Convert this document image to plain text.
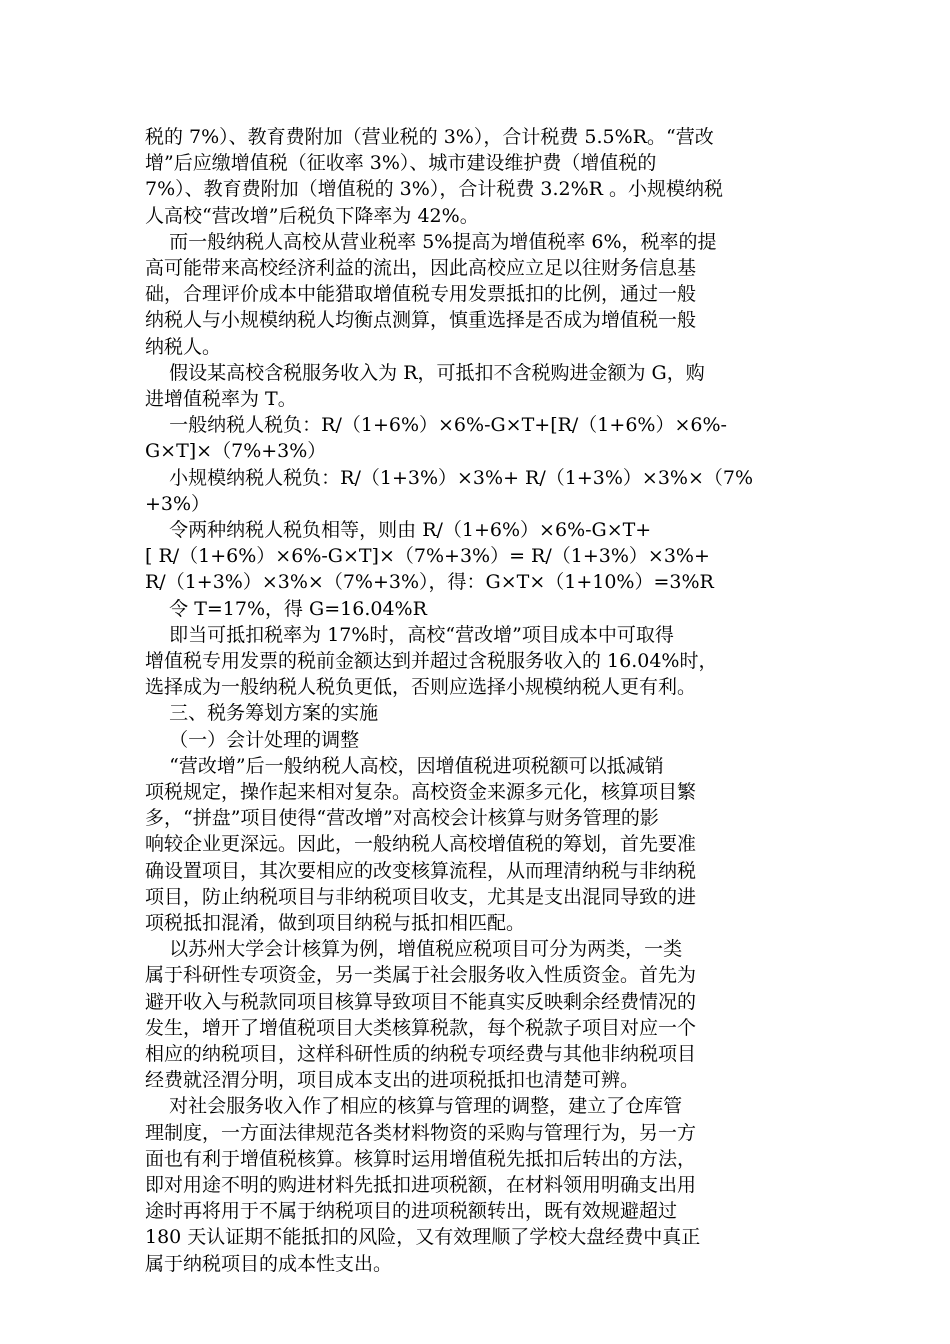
税的 7%）、教育费附加（营业税的 3%），合计税费 5.5%R。“营改

增”后应缴增值税（征收率 3%）、城市建设维护费（增值税的

7%）、教育费附加（增值税的 3%），合计税费 3.2%R 。小规模纳税

人高校“营改增”后税负下降率为 42%。

而一般纳税人高校从营业税率 5%提高为增值税率 6%，税率的提

高可能带来高校经济利益的流出，因此高校应立足以往财务信息基

础，合理评价成本中能猎取增值税专用发票抵扣的比例，通过一般

纳税人与小规模纳税人均衡点测算，慎重选择是否成为增值税一般

纳税人。

假设某高校含税服务收入为 R，可抵扣不含税购进金额为 G，购

进增值税率为 T。

一般纳税人税负：R/（1+6%）×6%-G×T+[R/（1+6%）×6%-

G×T]×（7%+3%）

小规模纳税人税负：R/（1+3%）×3%+ R/（1+3%）×3%×（7%

+3%）

令两种纳税人税负相等，则由 R/（1+6%）×6%-G×T+

[ R/（1+6%）×6%-G×T]×（7%+3%）= R/（1+3%）×3%+

R/（1+3%）×3%×（7%+3%），得：G×T×（1+10%）=3%R

令 T=17%，得 G=16.04%R

即当可抵扣税率为 17%时，高校“营改增”项目成本中可取得

增值税专用发票的税前金额达到并超过含税服务收入的 16.04%时，

选择成为一般纳税人税负更低，否则应选择小规模纳税人更有利。

三、税务筹划方案的实施

（一）会计处理的调整

“营改增”后一般纳税人高校，因增值税进项税额可以抵减销

项税规定，操作起来相对复杂。高校资金来源多元化，核算项目繁

多，“拼盘”项目使得“营改增”对高校会计核算与财务管理的影

响较企业更深远。因此，一般纳税人高校增值税的筹划，首先要准

确设置项目，其次要相应的改变核算流程，从而理清纳税与非纳税

项目，防止纳税项目与非纳税项目收支，尤其是支出混同导致的进

项税抵扣混淆，做到项目纳税与抵扣相匹配。

以苏州大学会计核算为例，增值税应税项目可分为两类，一类

属于科研性专项资金，另一类属于社会服务收入性质资金。首先为

避开收入与税款同项目核算导致项目不能真实反映剩余经费情况的

发生，增开了增值税项目大类核算税款，每个税款子项目对应一个

相应的纳税项目，这样科研性质的纳税专项经费与其他非纳税项目

经费就泾渭分明，项目成本支出的进项税抵扣也清楚可辨。

对社会服务收入作了相应的核算与管理的调整，建立了仓库管

理制度，一方面法律规范各类材料物资的采购与管理行为，另一方

面也有利于增值税核算。核算时运用增值税先抵扣后转出的方法，

即对用途不明的购进材料先抵扣进项税额，在材料领用明确支出用

途时再将用于不属于纳税项目的进项税额转出，既有效规避超过

180 天认证期不能抵扣的风险，又有效理顺了学校大盘经费中真正

属于纳税项目的成本性支出。
